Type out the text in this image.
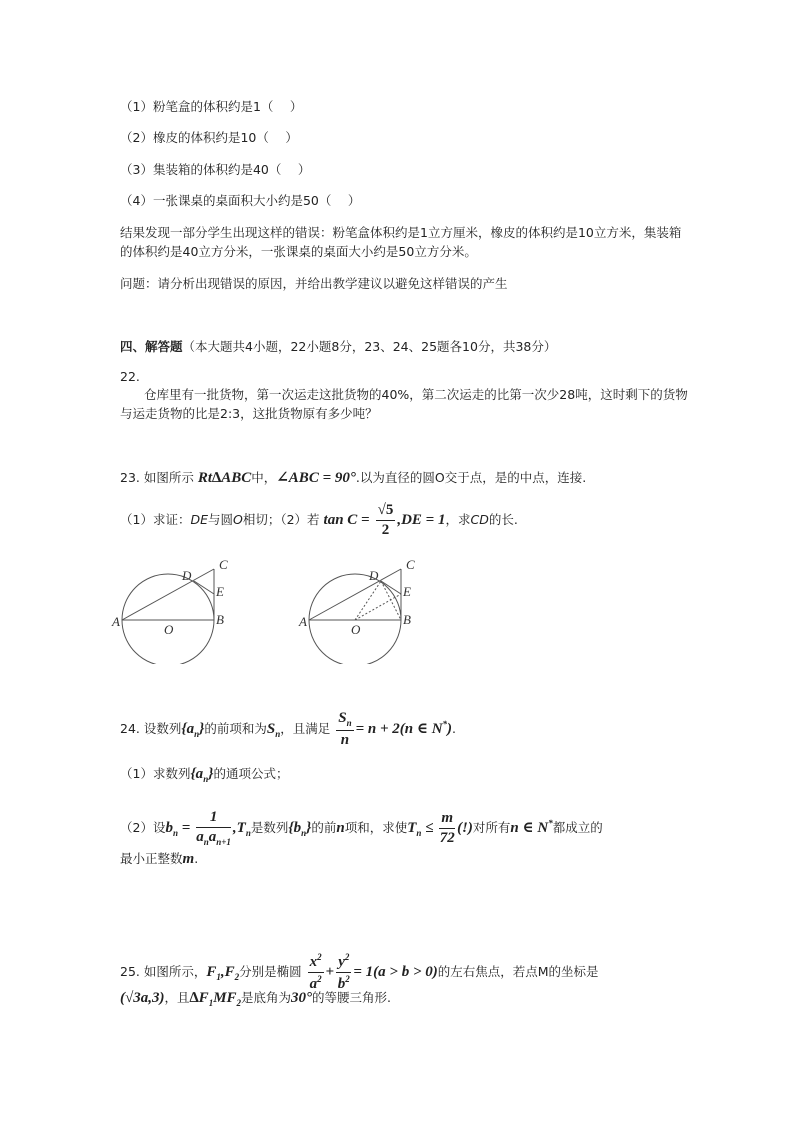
（1）粉笔盒的体积约是1（　 ）
（2）橡皮的体积约是10（　 ）
（3）集装箱的体积约是40（　 ）
（4）一张课桌的桌面积大小约是50（　 ）
结果发现一部分学生出现这样的错误：粉笔盒体积约是1立方厘米，橡皮的体积约是10立方米，集装箱的体积约是40立方分米，一张课桌的桌面大小约是50立方分米。
问题：请分析出现错误的原因，并给出教学建议以避免这样错误的产生
四、解答题（本大题共4小题，22小题8分，23、24、25题各10分，共38分）
22.
仓库里有一批货物，第一次运走这批货物的40%，第二次运走的比第一次少28吨，这时剩下的货物与运走货物的比是2:3，这批货物原有多少吨？
23. 如图所示 Rt∆ABC中，∠ABC = 90°.以为直径的圆O交于点，是的中点，连接.
（1）求证：DE与圆O相切；（2）若 $\tan C = \frac{√5}{2} ,DE = 1$，求CD的长.
A	B
C
D
E
O
A	B
C
D
E
O
24. 设数列$\{a_n\}$的前项和为$S_n$，且满足 $\frac{S_n}{n} = n + 2(n$ ∈ N*).
（1）求数列$\{a_n\}$的通项公式；
（2）设$b_n = \frac{1}{a_na_{n+1}} ,T_n$是数列$\{b_n\}$的前n项和，求使$T_n \le \frac{m}{72}$ (!)对所有n ∈ N*都成立的
最小正整数m.
25. 如图所示，$F_1,F_2$分别是椭圆 $\frac{x^2}{a^2} + \frac{y^2}{b^2} = 1(a > b > 0)$的左右焦点，若点M的坐标是
(√3a,3)，且$\Delta F_1MF_2$是底角为30°的等腰三角形.
